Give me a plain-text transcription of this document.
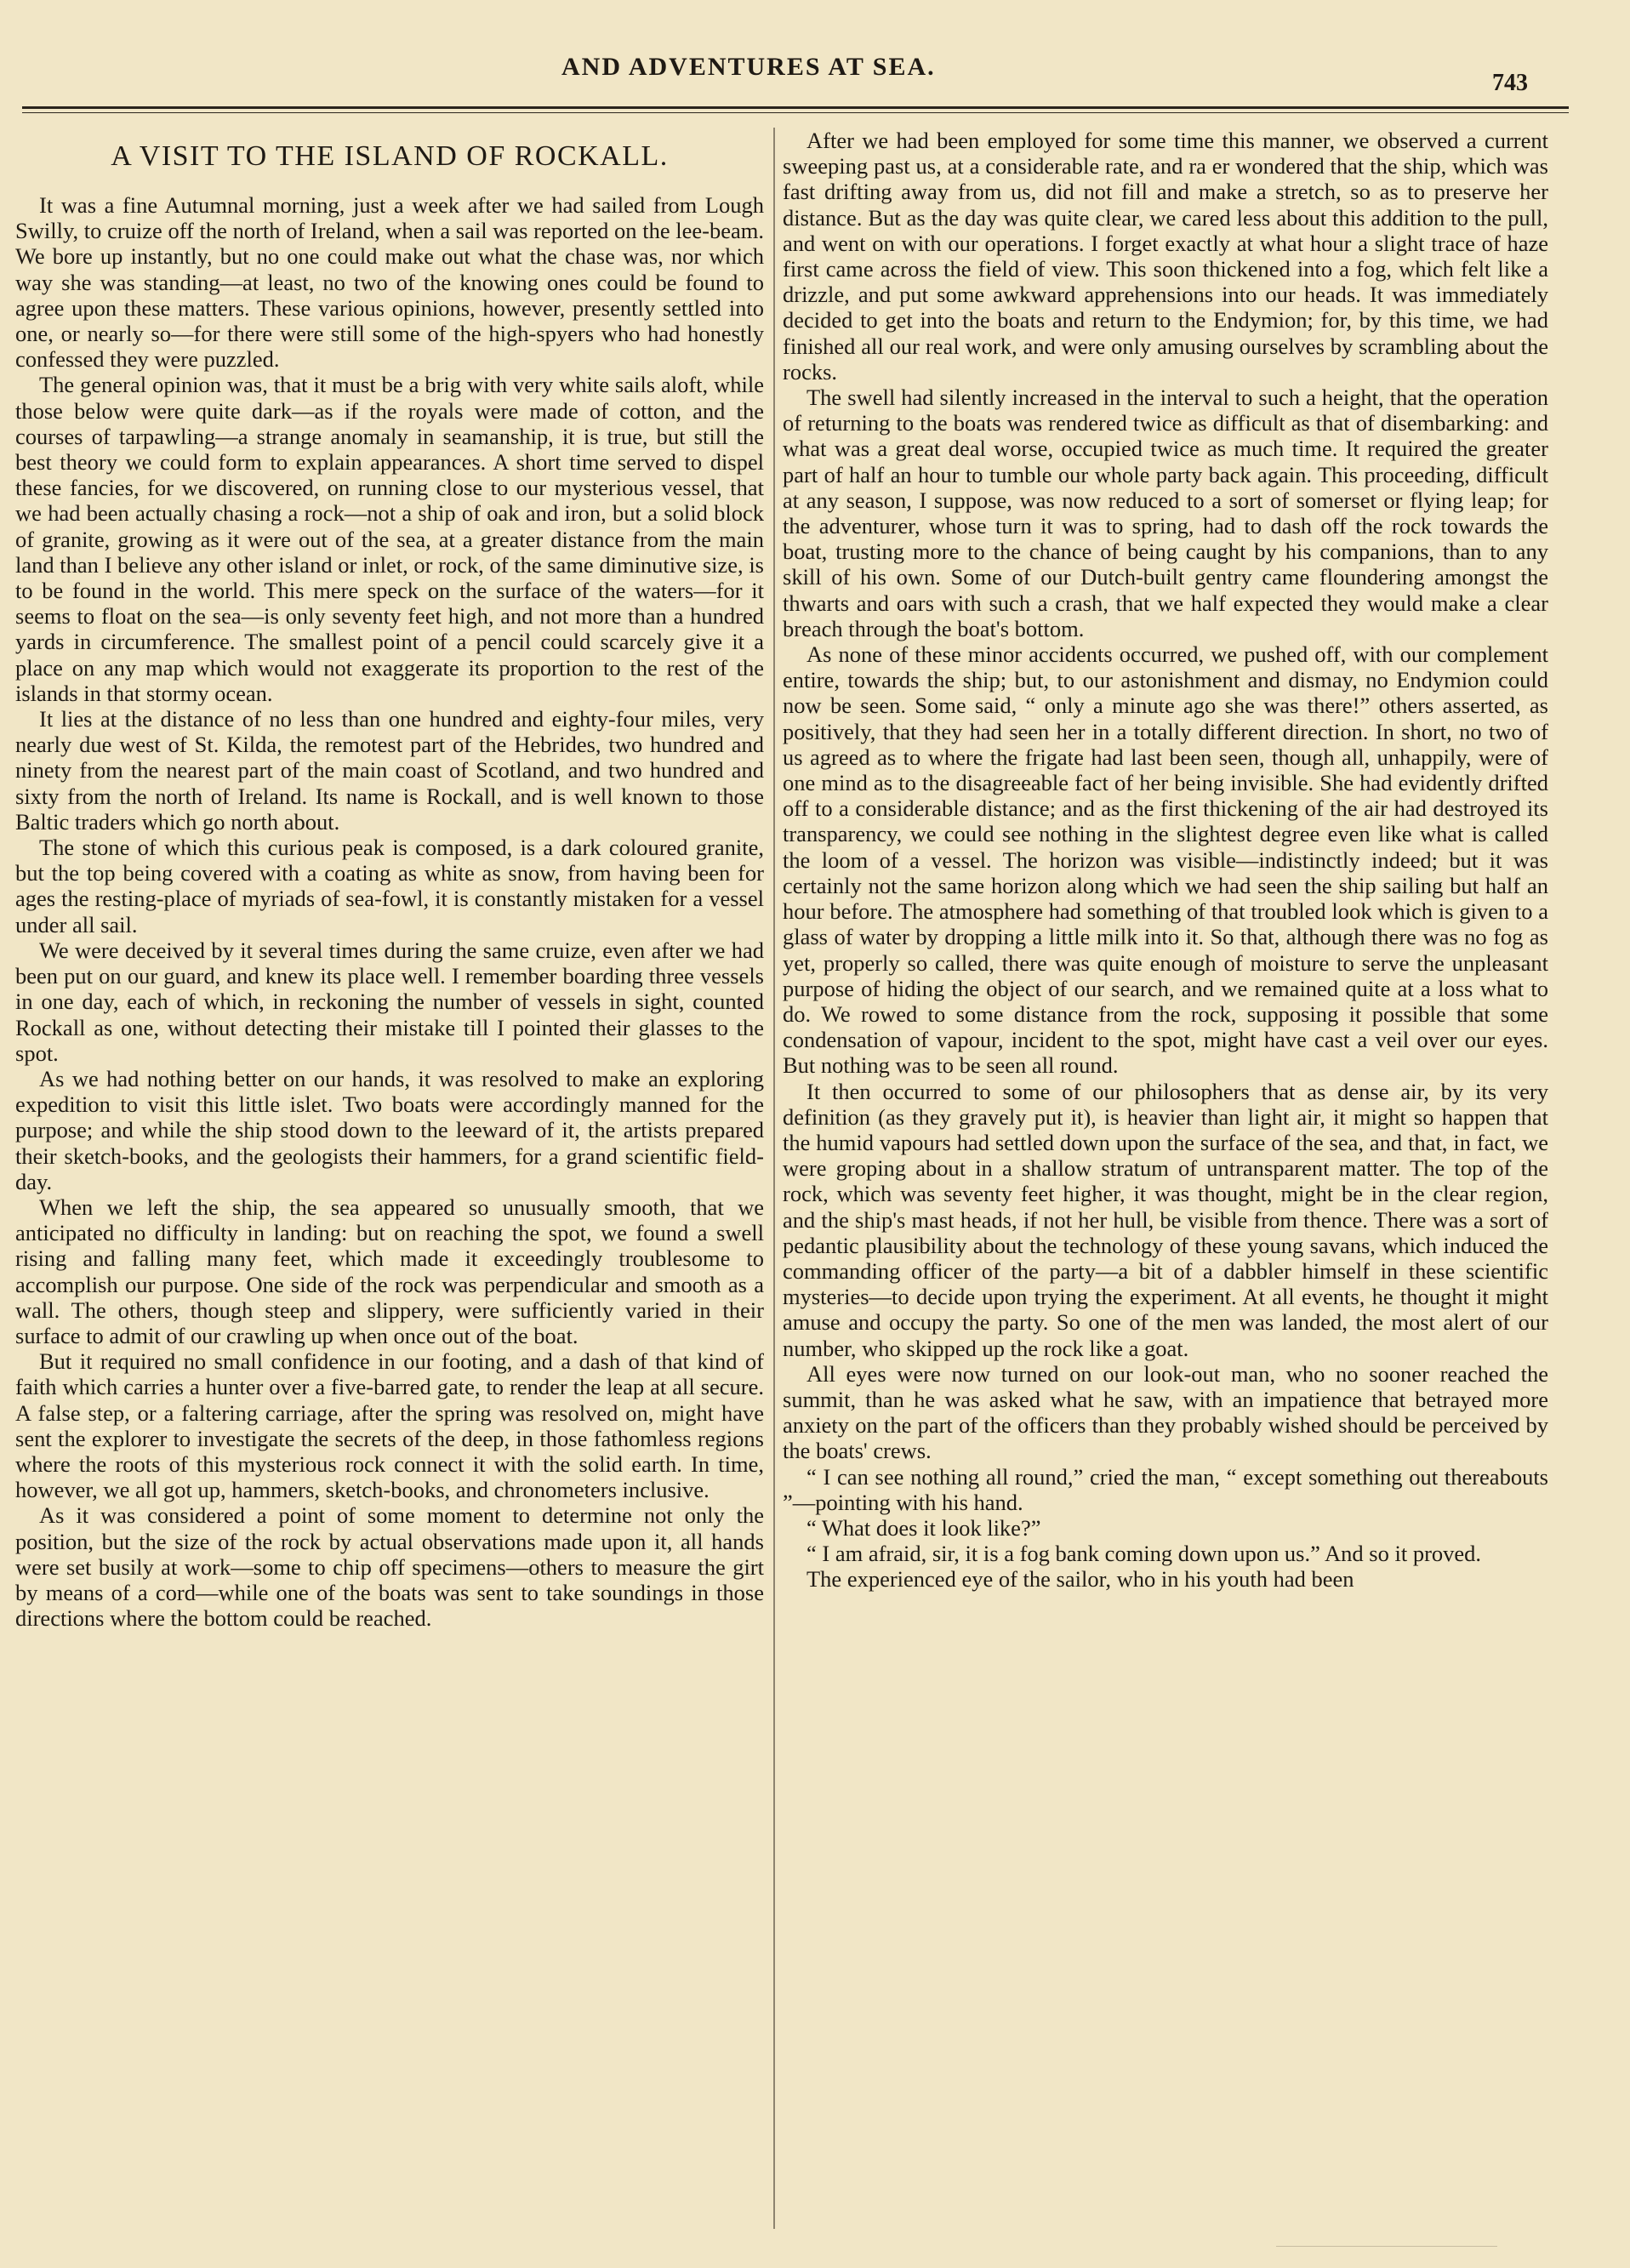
AND ADVENTURES AT SEA.
743
A VISIT TO THE ISLAND OF ROCKALL.

It was a fine Autumnal morning, just a week after we had sailed from Lough Swilly, to cruize off the north of Ireland, when a sail was reported on the lee-beam. We bore up instantly, but no one could make out what the chase was, nor which way she was standing—at least, no two of the knowing ones could be found to agree upon these matters. These various opinions, however, presently settled into one, or nearly so—for there were still some of the high-spyers who had honestly confessed they were puzzled.

The general opinion was, that it must be a brig with very white sails aloft, while those below were quite dark—as if the royals were made of cotton, and the courses of tarpawling—a strange anomaly in seamanship, it is true, but still the best theory we could form to explain appearances. A short time served to dispel these fancies, for we discovered, on running close to our mysterious vessel, that we had been actually chasing a rock—not a ship of oak and iron, but a solid block of granite, growing as it were out of the sea, at a greater distance from the main land than I believe any other island or inlet, or rock, of the same diminutive size, is to be found in the world. This mere speck on the surface of the waters—for it seems to float on the sea—is only seventy feet high, and not more than a hundred yards in circumference. The smallest point of a pencil could scarcely give it a place on any map which would not exaggerate its proportion to the rest of the islands in that stormy ocean.

It lies at the distance of no less than one hundred and eighty-four miles, very nearly due west of St. Kilda, the remotest part of the Hebrides, two hundred and ninety from the nearest part of the main coast of Scotland, and two hundred and sixty from the north of Ireland. Its name is Rockall, and is well known to those Baltic traders which go north about.

The stone of which this curious peak is composed, is a dark coloured granite, but the top being covered with a coating as white as snow, from having been for ages the resting-place of myriads of sea-fowl, it is constantly mistaken for a vessel under all sail.

We were deceived by it several times during the same cruize, even after we had been put on our guard, and knew its place well. I remember boarding three vessels in one day, each of which, in reckoning the number of vessels in sight, counted Rockall as one, without detecting their mistake till I pointed their glasses to the spot.

As we had nothing better on our hands, it was resolved to make an exploring expedition to visit this little islet. Two boats were accordingly manned for the purpose; and while the ship stood down to the leeward of it, the artists prepared their sketch-books, and the geologists their hammers, for a grand scientific field-day.

When we left the ship, the sea appeared so unusually smooth, that we anticipated no difficulty in landing: but on reaching the spot, we found a swell rising and falling many feet, which made it exceedingly troublesome to accomplish our purpose. One side of the rock was perpendicular and smooth as a wall. The others, though steep and slippery, were sufficiently varied in their surface to admit of our crawling up when once out of the boat.

But it required no small confidence in our footing, and a dash of that kind of faith which carries a hunter over a five-barred gate, to render the leap at all secure. A false step, or a faltering carriage, after the spring was resolved on, might have sent the explorer to investigate the secrets of the deep, in those fathomless regions where the roots of this mysterious rock connect it with the solid earth. In time, however, we all got up, hammers, sketch-books, and chronometers inclusive.

As it was considered a point of some moment to determine not only the position, but the size of the rock by actual observations made upon it, all hands were set busily at work—some to chip off specimens—others to measure the girt by means of a cord—while one of the boats was sent to take soundings in those directions where the bottom could be reached.

After we had been employed for some time this manner, we observed a current sweeping past us, at a considerable rate, and ra er wondered that the ship, which was fast drifting away from us, did not fill and make a stretch, so as to preserve her distance. But as the day was quite clear, we cared less about this addition to the pull, and went on with our operations. I forget exactly at what hour a slight trace of haze first came across the field of view. This soon thickened into a fog, which felt like a drizzle, and put some awkward apprehensions into our heads. It was immediately decided to get into the boats and return to the Endymion; for, by this time, we had finished all our real work, and were only amusing ourselves by scrambling about the rocks.

The swell had silently increased in the interval to such a height, that the operation of returning to the boats was rendered twice as difficult as that of disembarking: and what was a great deal worse, occupied twice as much time. It required the greater part of half an hour to tumble our whole party back again. This proceeding, difficult at any season, I suppose, was now reduced to a sort of somerset or flying leap; for the adventurer, whose turn it was to spring, had to dash off the rock towards the boat, trusting more to the chance of being caught by his companions, than to any skill of his own. Some of our Dutch-built gentry came floundering amongst the thwarts and oars with such a crash, that we half expected they would make a clear breach through the boat's bottom.

As none of these minor accidents occurred, we pushed off, with our complement entire, towards the ship; but, to our astonishment and dismay, no Endymion could now be seen. Some said, “ only a minute ago she was there!” others asserted, as positively, that they had seen her in a totally different direction. In short, no two of us agreed as to where the frigate had last been seen, though all, unhappily, were of one mind as to the disagreeable fact of her being invisible. She had evidently drifted off to a considerable distance; and as the first thickening of the air had destroyed its transparency, we could see nothing in the slightest degree even like what is called the loom of a vessel. The horizon was visible—indistinctly indeed; but it was certainly not the same horizon along which we had seen the ship sailing but half an hour before. The atmosphere had something of that troubled look which is given to a glass of water by dropping a little milk into it. So that, although there was no fog as yet, properly so called, there was quite enough of moisture to serve the unpleasant purpose of hiding the object of our search, and we remained quite at a loss what to do. We rowed to some distance from the rock, supposing it possible that some condensation of vapour, incident to the spot, might have cast a veil over our eyes. But nothing was to be seen all round.

It then occurred to some of our philosophers that as dense air, by its very definition (as they gravely put it), is heavier than light air, it might so happen that the humid vapours had settled down upon the surface of the sea, and that, in fact, we were groping about in a shallow stratum of untransparent matter. The top of the rock, which was seventy feet higher, it was thought, might be in the clear region, and the ship's mast heads, if not her hull, be visible from thence. There was a sort of pedantic plausibility about the technology of these young savans, which induced the commanding officer of the party—a bit of a dabbler himself in these scientific mysteries—to decide upon trying the experiment. At all events, he thought it might amuse and occupy the party. So one of the men was landed, the most alert of our number, who skipped up the rock like a goat.

All eyes were now turned on our look-out man, who no sooner reached the summit, than he was asked what he saw, with an impatience that betrayed more anxiety on the part of the officers than they probably wished should be perceived by the boats' crews.

“ I can see nothing all round,” cried the man, “ except something out thereabouts ”—pointing with his hand.

“ What does it look like?”

“ I am afraid, sir, it is a fog bank coming down upon us.” And so it proved.

The experienced eye of the sailor, who in his youth had been
